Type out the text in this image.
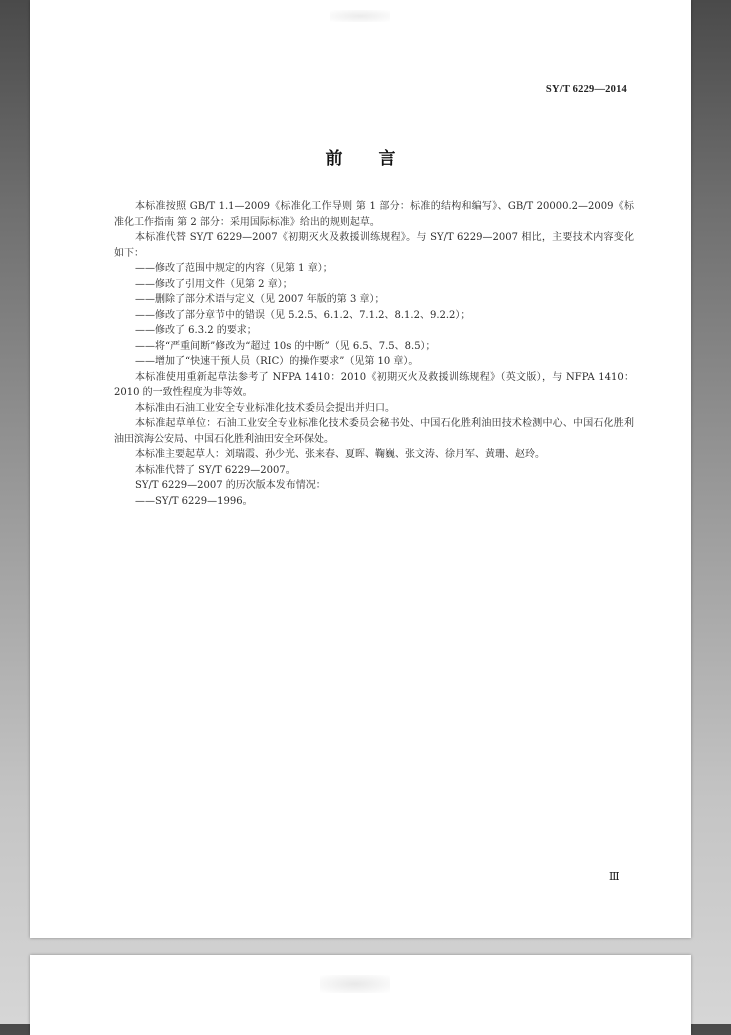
SY/T 6229—2014
前言

本标准按照 GB/T 1.1—2009《标准化工作导则 第 1 部分：标准的结构和编写》、GB/T 20000.2—2009《标准化工作指南 第 2 部分：采用国际标准》给出的规则起草。

本标准代替 SY/T 6229—2007《初期灭火及救援训练规程》。与 SY/T 6229—2007 相比，主要技术内容变化如下：

——修改了范围中规定的内容（见第 1 章）；

——修改了引用文件（见第 2 章）；

——删除了部分术语与定义（见 2007 年版的第 3 章）；

——修改了部分章节中的错误（见 5.2.5、6.1.2、7.1.2、8.1.2、9.2.2）；

——修改了 6.3.2 的要求；

——将“严重间断”修改为“超过 10s 的中断”（见 6.5、7.5、8.5）；

——增加了“快速干预人员（RIC）的操作要求”（见第 10 章）。

本标准使用重新起草法参考了 NFPA 1410：2010《初期灭火及救援训练规程》（英文版），与 NFPA 1410：2010 的一致性程度为非等效。

本标准由石油工业安全专业标准化技术委员会提出并归口。

本标准起草单位：石油工业安全专业标准化技术委员会秘书处、中国石化胜利油田技术检测中心、中国石化胜利油田滨海公安局、中国石化胜利油田安全环保处。

本标准主要起草人：刘瑞霞、孙少光、张来春、夏晖、鞠巍、张文涛、徐月军、黄珊、赵玲。

本标准代替了 SY/T 6229—2007。

SY/T 6229—2007 的历次版本发布情况：

——SY/T 6229—1996。

Ⅲ
